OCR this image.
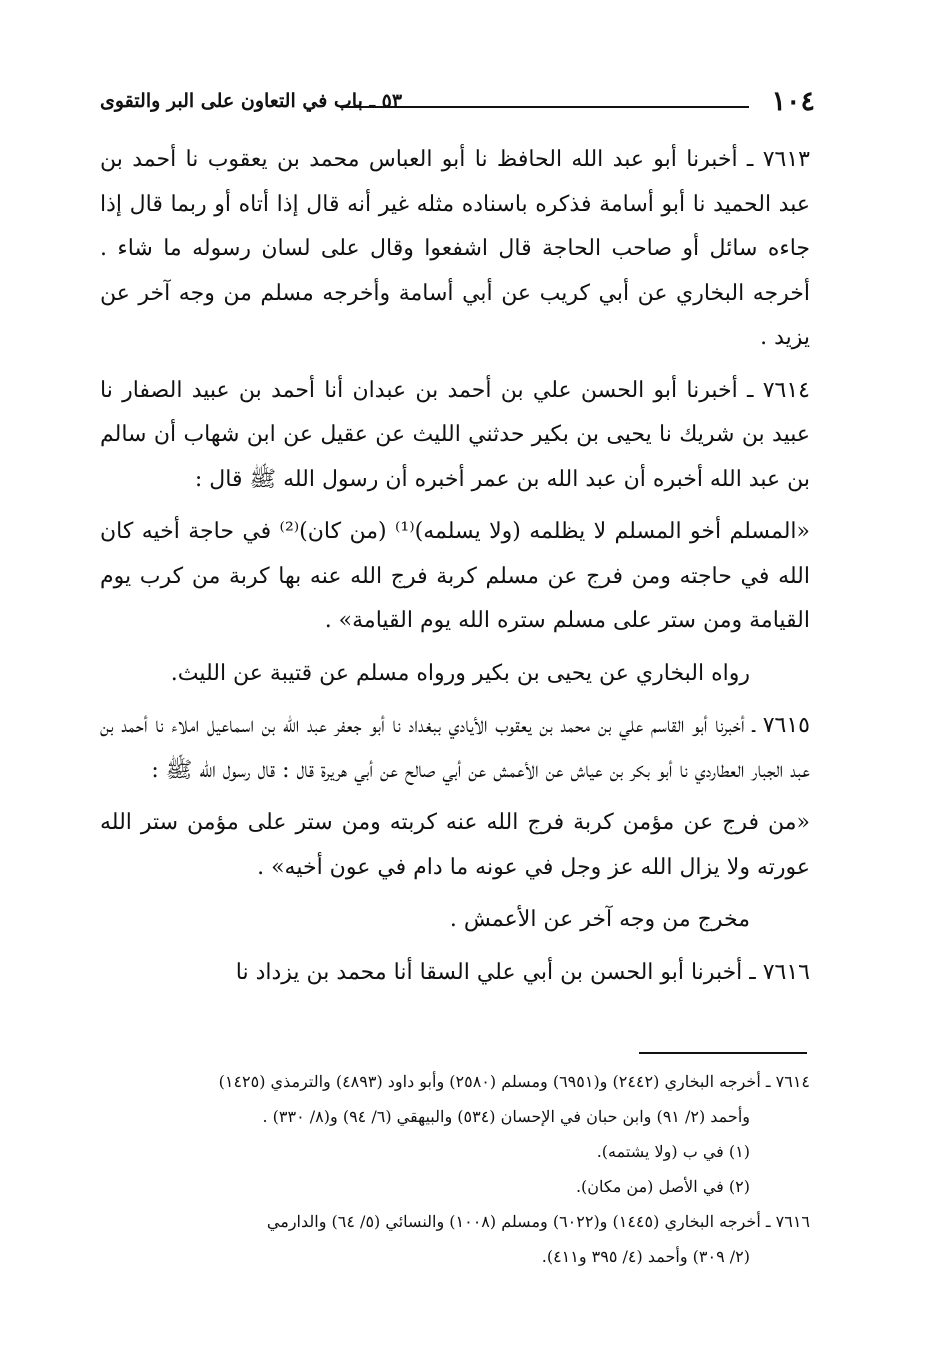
١٠٤
٥٣ ـ باب في التعاون على البر والتقوى

٧٦١٣ ـ أخبرنا أبو عبد الله الحافظ نا أبو العباس محمد بن يعقوب نا أحمد بن عبد الحميد نا أبو أسامة فذكره باسناده مثله غير أنه قال إذا أتاه أو ربما قال إذا جاءه سائل أو صاحب الحاجة قال اشفعوا وقال على لسان رسوله ما شاء . أخرجه البخاري عن أبي كريب عن أبي أسامة وأخرجه مسلم من وجه آخر عن يزيد .

٧٦١٤ ـ أخبرنا أبو الحسن علي بن أحمد بن عبدان أنا أحمد بن عبيد الصفار نا عبيد بن شريك نا يحيى بن بكير حدثني الليث عن عقيل عن ابن شهاب أن سالم بن عبد الله أخبره أن عبد الله بن عمر أخبره أن رسول الله ﷺ قال :

«المسلم أخو المسلم لا يظلمه (ولا يسلمه)⁽¹⁾ (من كان)⁽²⁾ في حاجة أخيه كان الله في حاجته ومن فرج عن مسلم كربة فرج الله عنه بها كربة من كرب يوم القيامة ومن ستر على مسلم ستره الله يوم القيامة» .

رواه البخاري عن يحيى بن بكير ورواه مسلم عن قتيبة عن الليث.

٧٦١٥ ـ أخبرنا أبو القاسم علي بن محمد بن يعقوب الأيادي ببغداد نا أبو جعفر عبد الله بن اسماعيل املاء نا أحمد بن عبد الجبار العطاردي نا أبو بكر بن عياش عن الأعمش عن أبي صالح عن أبي هريرة قال : قال رسول الله ﷺ :

«من فرج عن مؤمن كربة فرج الله عنه كربته ومن ستر على مؤمن ستر الله عورته ولا يزال الله عز وجل في عونه ما دام في عون أخيه» .

مخرج من وجه آخر عن الأعمش .

٧٦١٦ ـ أخبرنا أبو الحسن بن أبي علي السقا أنا محمد بن يزداد نا

٧٦١٤ ـ أخرجه البخاري (٢٤٤٢) و(٦٩٥١) ومسلم (٢٥٨٠) وأبو داود (٤٨٩٣) والترمذي (١٤٢٥)

وأحمد (٢/ ٩١) وابن حبان في الإحسان (٥٣٤) والبيهقي (٦/ ٩٤) و(٨/ ٣٣٠) .

(١) في ب (ولا يشتمه).

(٢) في الأصل (من مكان).

٧٦١٦ ـ أخرجه البخاري (١٤٤٥) و(٦٠٢٢) ومسلم (١٠٠٨) والنسائي (٥/ ٦٤) والدارمي

(٢/ ٣٠٩) وأحمد (٤/ ٣٩٥ و٤١١).
